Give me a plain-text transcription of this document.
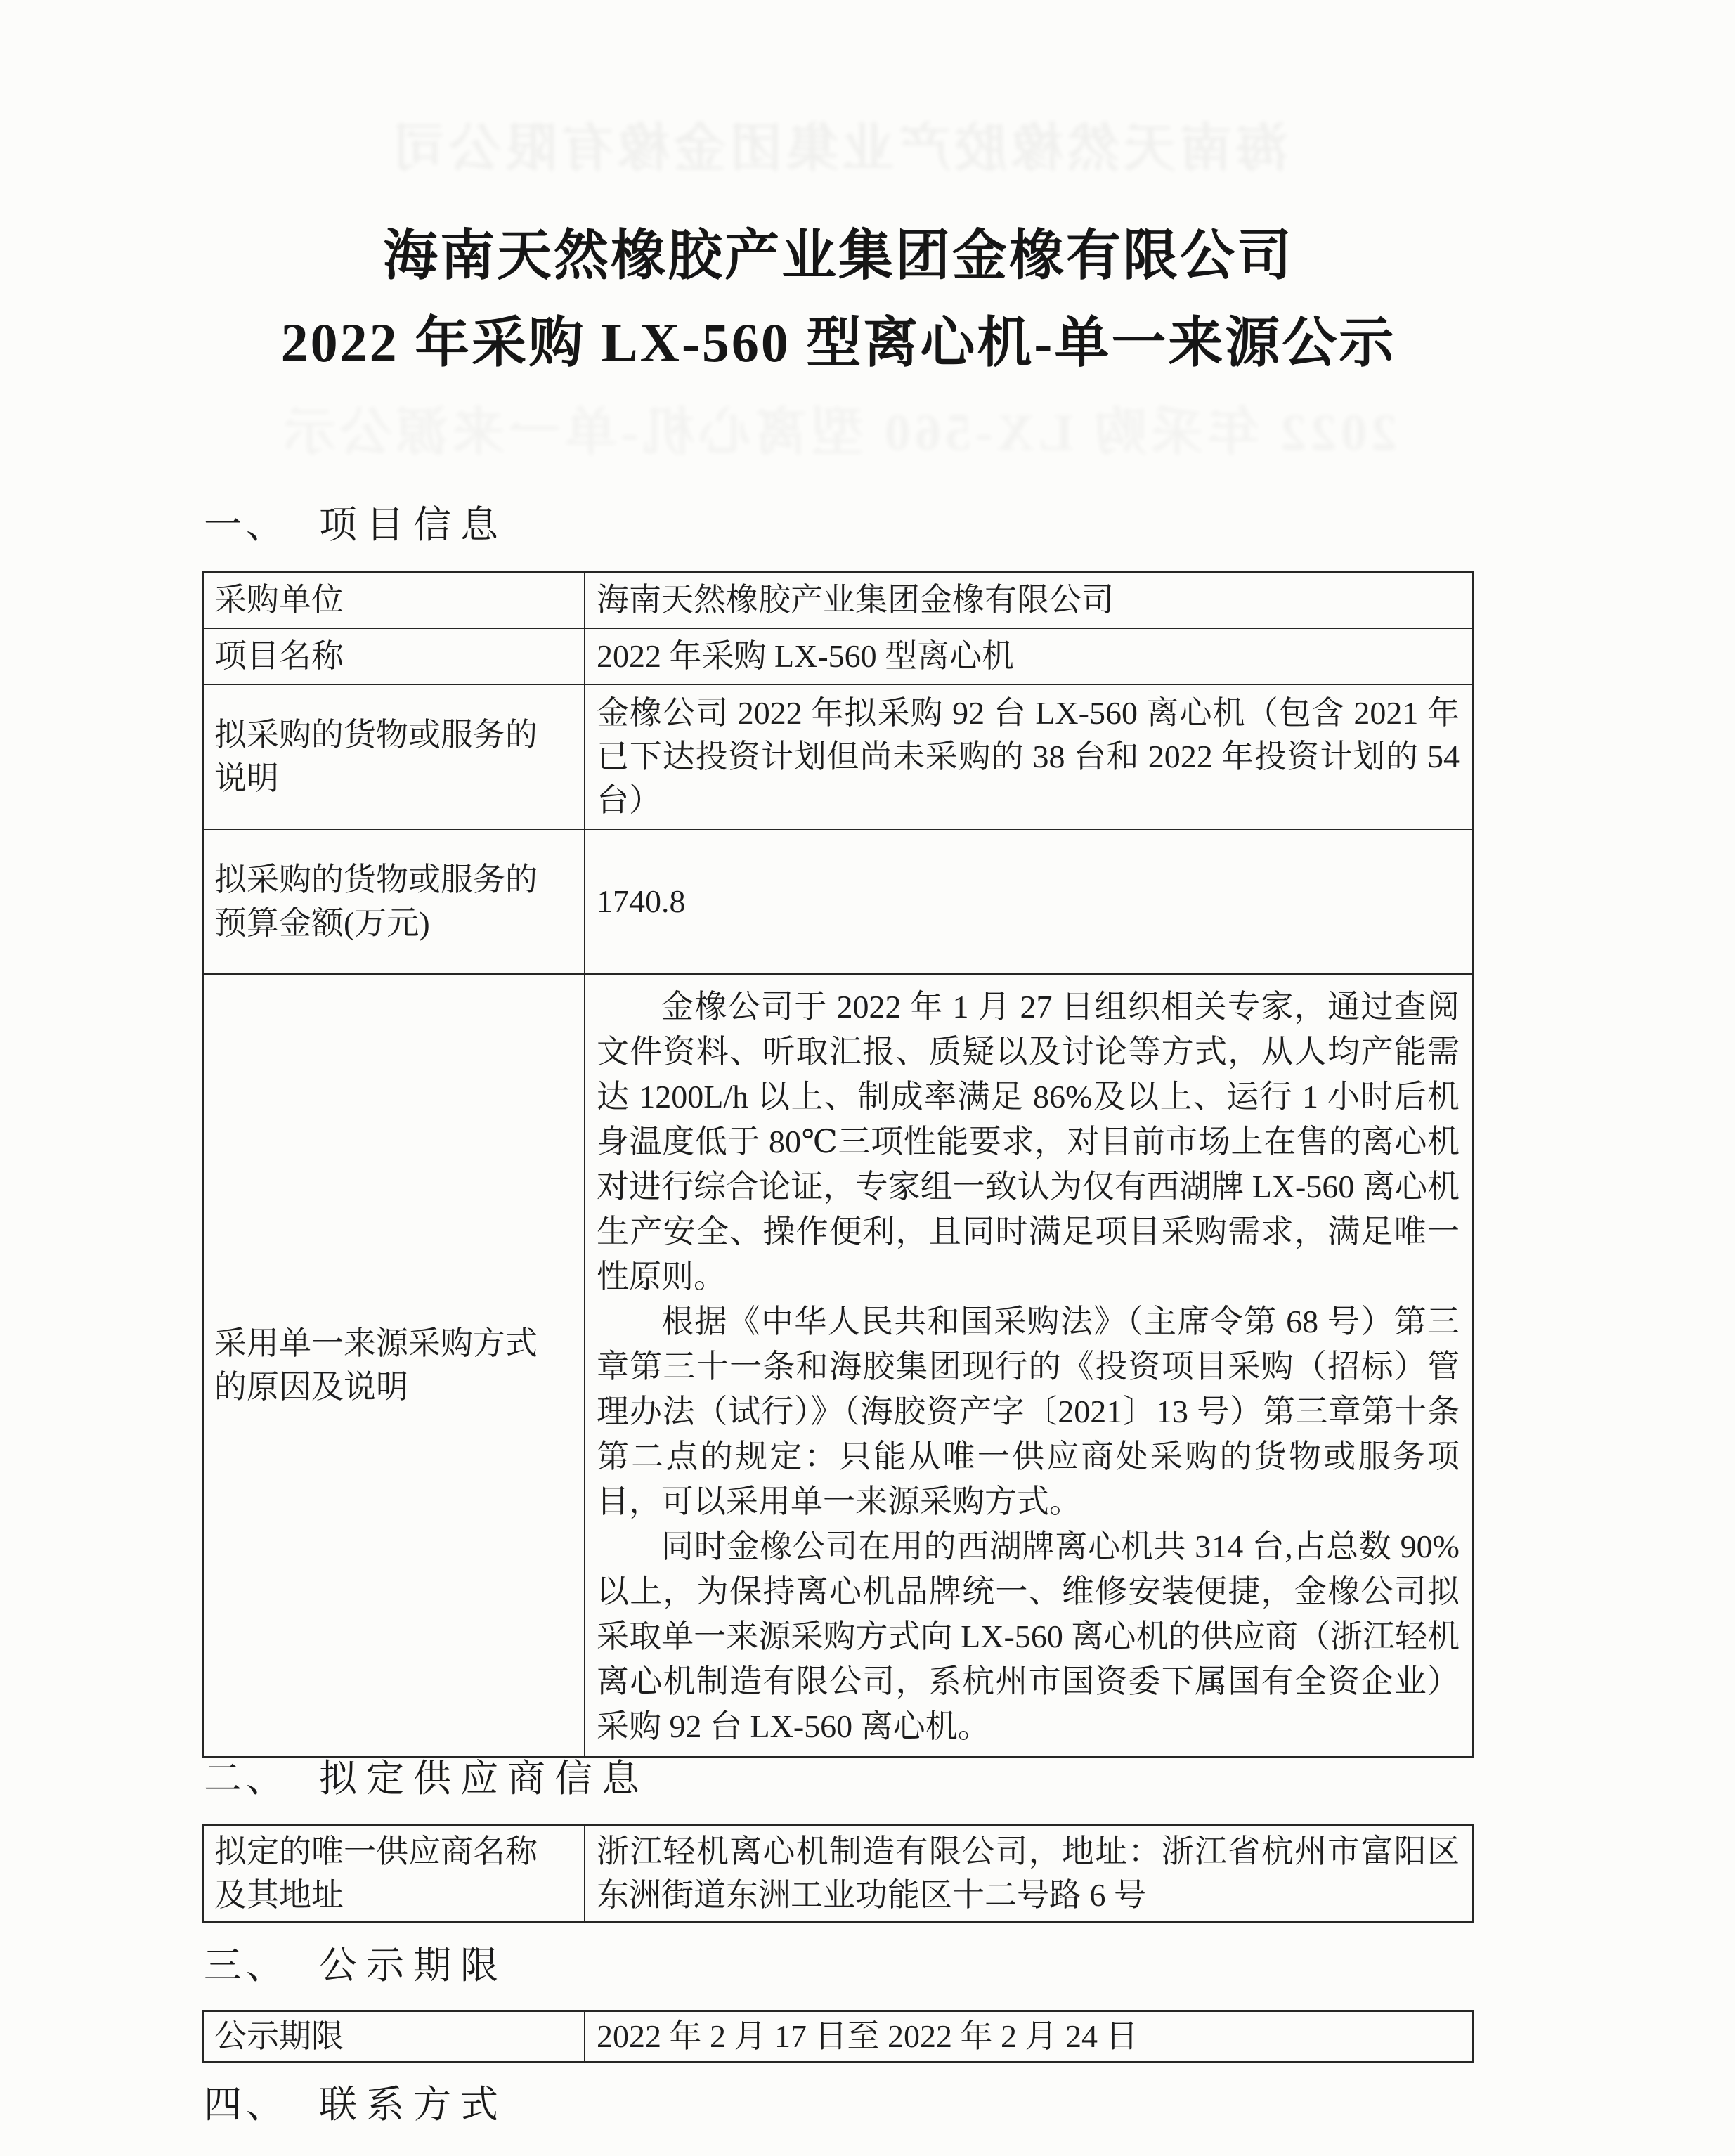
海南天然橡胶产业集团金橡有限公司
海南天然橡胶产业集团金橡有限公司
2022 年采购 LX-560 型离心机-单一来源公示
一、 项目信息
采购单位	海南天然橡胶产业集团金橡有限公司
项目名称	2022 年采购 LX-560 型离心机
拟采购的货物或服务的说明	金橡公司 2022 年拟采购 92 台 LX-560 离心机（包含 2021 年已下达投资计划但尚未采购的 38 台和 2022 年投资计划的 54 台）
拟采购的货物或服务的预算金额(万元)	1740.8
采用单一来源采购方式的原因及说明	金橡公司于 2022 年 1 月 27 日组织相关专家，通过查阅文件资料、听取汇报、质疑以及讨论等方式，从人均产能需达 1200L/h 以上、制成率满足 86%及以上、运行 1 小时后机身温度低于 80℃三项性能要求，对目前市场上在售的离心机对进行综合论证，专家组一致认为仅有西湖牌 LX-560 离心机生产安全、操作便利，且同时满足项目采购需求，满足唯一性原则。

根据《中华人民共和国采购法》（主席令第 68 号）第三章第三十一条和海胶集团现行的《投资项目采购（招标）管理办法（试行）》（海胶资产字〔2021〕13 号）第三章第十条第二点的规定：只能从唯一供应商处采购的货物或服务项目，可以采用单一来源采购方式。

同时金橡公司在用的西湖牌离心机共 314 台,占总数 90%以上，为保持离心机品牌统一、维修安装便捷，金橡公司拟采取单一来源采购方式向 LX-560 离心机的供应商（浙江轻机离心机制造有限公司，系杭州市国资委下属国有全资企业）采购 92 台 LX-560 离心机。

二、 拟定供应商信息
拟定的唯一供应商名称及其地址	浙江轻机离心机制造有限公司，地址：浙江省杭州市富阳区东洲街道东洲工业功能区十二号路 6 号
三、 公示期限
公示期限	2022 年 2 月 17 日至 2022 年 2 月 24 日
四、 联系方式
